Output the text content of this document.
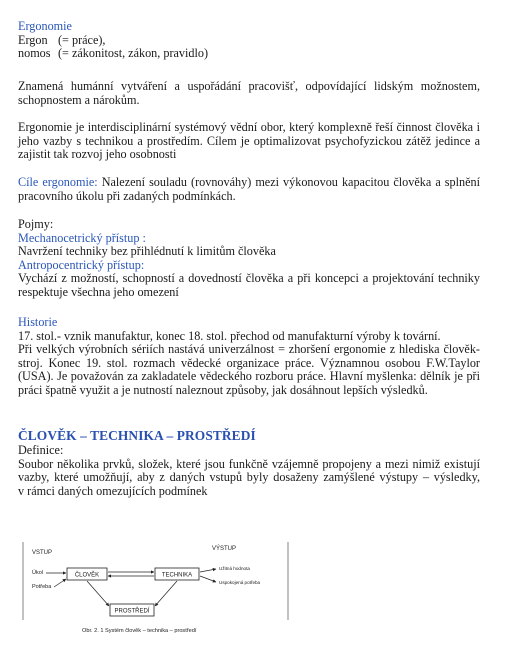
Ergonomie
Ergon (= práce),
nomos (= zákonitost, zákon, pravidlo)
Znamená humánní vytváření a uspořádání pracovišť, odpovídající lidským možnostem,
schopnostem a nárokům.
Ergonomie je interdisciplinární systémový vědní obor, který komplexně řeší činnost člověka i
jeho vazby s technikou a prostředím. Cílem je optimalizovat psychofyzickou zátěž jedince a
zajistit tak rozvoj jeho osobnosti
Cíle ergonomie: Nalezení souladu (rovnováhy) mezi výkonovou kapacitou člověka a splnění
pracovního úkolu při zadaných podmínkách.
Pojmy:
Mechanocetrický přístup :
Navržení techniky bez přihlédnutí k limitům člověka
Antropocentrický přístup:
Vychází z možností, schopností a dovedností člověka a při koncepci a projektování techniky
respektuje všechna jeho omezení
Historie
17. stol.- vznik manufaktur, konec 18. stol. přechod od manufakturní výroby k tovární.
Při velkých výrobních sériích nastává univerzálnost = zhoršení ergonomie z hlediska člověk-
stroj. Konec 19. stol. rozmach vědecké organizace práce. Významnou osobou F.W.Taylor
(USA). Je považován za zakladatele vědeckého rozboru práce. Hlavní myšlenka: dělník je při
práci špatně využit a je nutností naleznout způsoby, jak dosáhnout lepších výsledků.
ČLOVĚK – TECHNIKA – PROSTŘEDÍ
Definice:
Soubor několika prvků, složek, které jsou funkčně vzájemně propojeny a mezi nimiž existují
vazby, které umožňují, aby z daných vstupů byly dosaženy zamýšlené výstupy – výsledky,
v rámci daných omezujících podmínek
VSTUP
VÝSTUP
Úkol
Potřeba
ČLOVĚK	TECHNIKA
Užitná hodnota
Uspokojená potřeba
PROSTŘEDÍ
Obr. 2. 1 Systém člověk – technika – prostředí
